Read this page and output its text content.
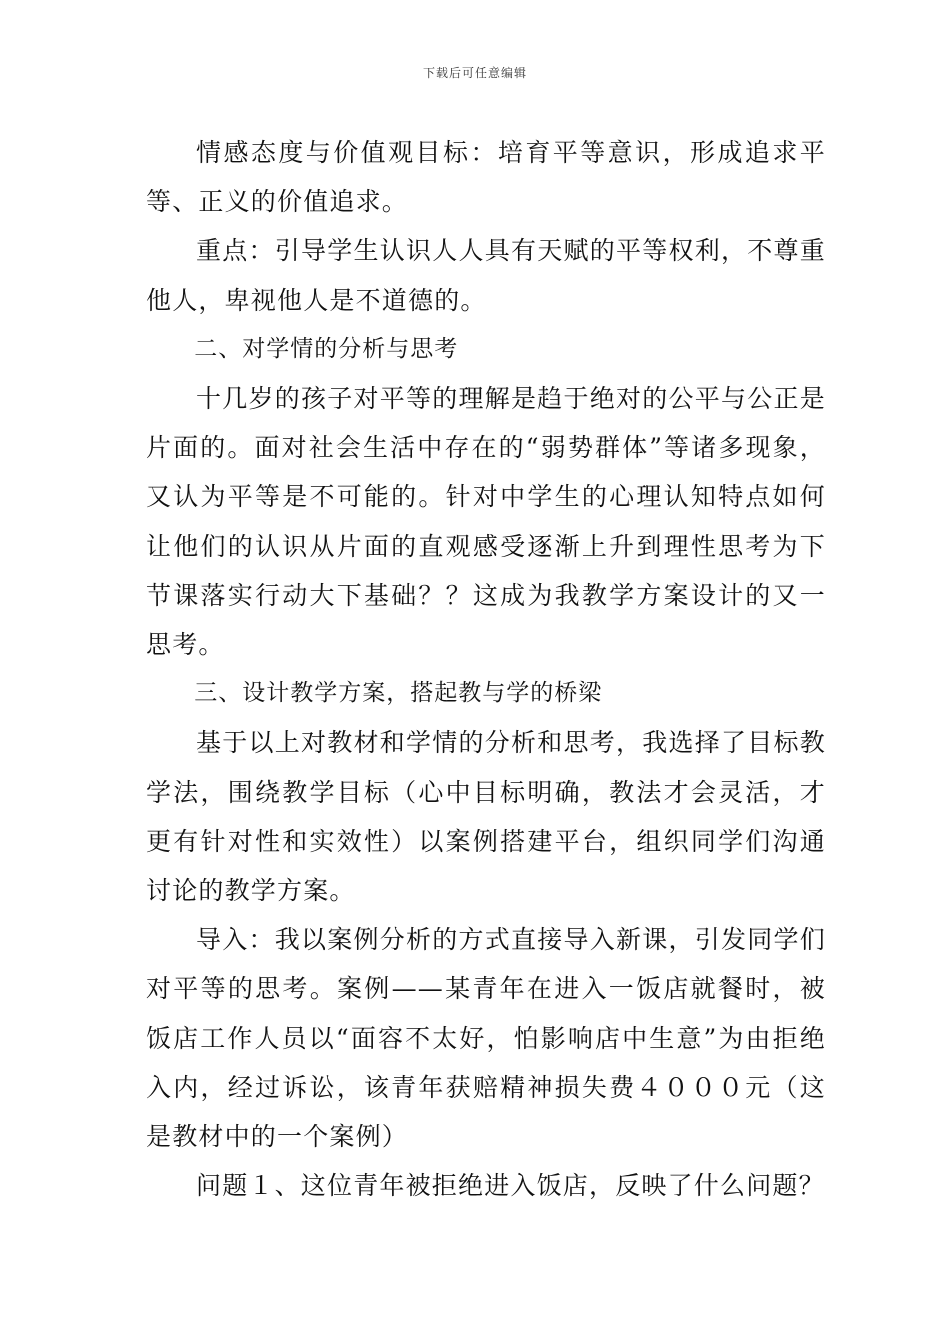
下载后可任意编辑

情感态度与价值观目标：培育平等意识，形成追求平等、正义的价值追求。

重点：引导学生认识人人具有天赋的平等权利，不尊重他人，卑视他人是不道德的。

二、对学情的分析与思考

十几岁的孩子对平等的理解是趋于绝对的公平与公正是片面的。面对社会生活中存在的“弱势群体”等诸多现象，又认为平等是不可能的。针对中学生的心理认知特点如何让他们的认识从片面的直观感受逐渐上升到理性思考为下节课落实行动大下基础？？这成为我教学方案设计的又一思考。

三、设计教学方案，搭起教与学的桥梁

基于以上对教材和学情的分析和思考，我选择了目标教学法，围绕教学目标（心中目标明确，教法才会灵活，才更有针对性和实效性）以案例搭建平台，组织同学们沟通讨论的教学方案。

导入：我以案例分析的方式直接导入新课，引发同学们对平等的思考。案例——某青年在进入一饭店就餐时，被饭店工作人员以“面容不太好，怕影响店中生意”为由拒绝入内，经过诉讼，该青年获赔精神损失费４０００元（这是教材中的一个案例）

问题１、这位青年被拒绝进入饭店，反映了什么问题？
